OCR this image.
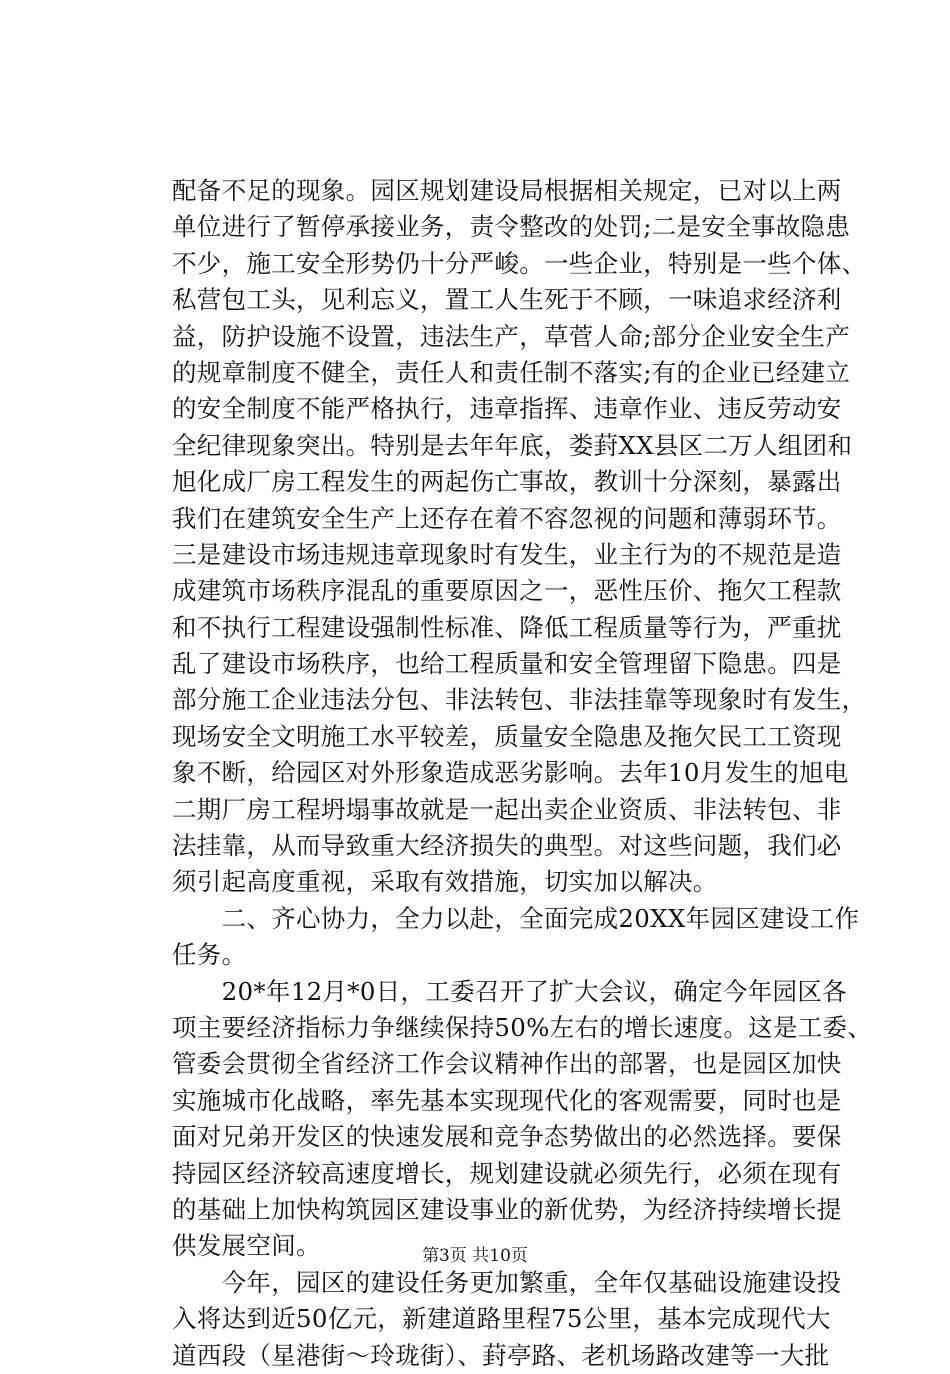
配备不足的现象。园区规划建设局根据相关规定，已对以上两
单位进行了暂停承接业务，责令整改的处罚;二是安全事故隐患
不少，施工安全形势仍十分严峻。一些企业，特别是一些个体、
私营包工头，见利忘义，置工人生死于不顾，一味追求经济利
益，防护设施不设置，违法生产，草菅人命;部分企业安全生产
的规章制度不健全，责任人和责任制不落实;有的企业已经建立
的安全制度不能严格执行，违章指挥、违章作业、违反劳动安
全纪律现象突出。特别是去年年底，娄葑XX县区二万人组团和
旭化成厂房工程发生的两起伤亡事故，教训十分深刻，暴露出
我们在建筑安全生产上还存在着不容忽视的问题和薄弱环节。
三是建设市场违规违章现象时有发生，业主行为的不规范是造
成建筑市场秩序混乱的重要原因之一，恶性压价、拖欠工程款
和不执行工程建设强制性标准、降低工程质量等行为，严重扰
乱了建设市场秩序，也给工程质量和安全管理留下隐患。四是
部分施工企业违法分包、非法转包、非法挂靠等现象时有发生，
现场安全文明施工水平较差，质量安全隐患及拖欠民工工资现
象不断，给园区对外形象造成恶劣影响。去年10月发生的旭电
二期厂房工程坍塌事故就是一起出卖企业资质、非法转包、非
法挂靠，从而导致重大经济损失的典型。对这些问题，我们必
须引起高度重视，采取有效措施，切实加以解决。
　　二、齐心协力，全力以赴，全面完成20XX年园区建设工作
任务。
　　20*年12月*0日，工委召开了扩大会议，确定今年园区各
项主要经济指标力争继续保持50%左右的增长速度。这是工委、
管委会贯彻全省经济工作会议精神作出的部署，也是园区加快
实施城市化战略，率先基本实现现代化的客观需要，同时也是
面对兄弟开发区的快速发展和竞争态势做出的必然选择。要保
持园区经济较高速度增长，规划建设就必须先行，必须在现有
的基础上加快构筑园区建设事业的新优势，为经济持续增长提
供发展空间。
　　今年，园区的建设任务更加繁重，全年仅基础设施建设投
入将达到近50亿元，新建道路里程75公里，基本完成现代大
道西段（星港街～玲珑街）、葑亭路、老机场路改建等一大批
第3页 共10页
